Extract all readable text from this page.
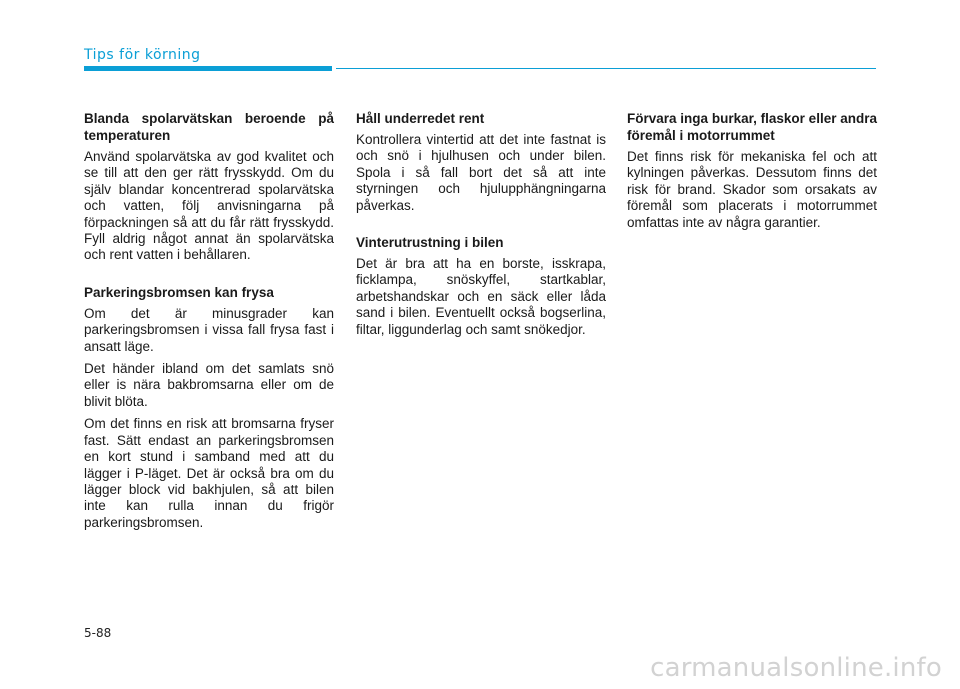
Tips för körning
Blanda spolarvätskan beroende på temperaturen

Använd spolarvätska av god kvalitet och se till att den ger rätt frysskydd. Om du själv blandar koncentrerad spolarvätska och vatten, följ anvisningarna på förpackningen så att du får rätt frysskydd. Fyll aldrig något annat än spolarvätska och rent vatten i behållaren.

Parkeringsbromsen kan frysa

Om det är minusgrader kan parkeringsbromsen i vissa fall frysa fast i ansatt läge.

Det händer ibland om det samlats snö eller is nära bakbromsarna eller om de blivit blöta.

Om det finns en risk att bromsarna fryser fast. Sätt endast an parkeringsbromsen en kort stund i samband med att du lägger i P-läget. Det är också bra om du lägger block vid bakhjulen, så att bilen inte kan rulla innan du frigör parkeringsbromsen.

Håll underredet rent

Kontrollera vintertid att det inte fastnat is och snö i hjulhusen och under bilen. Spola i så fall bort det så att inte styrningen och hjulupphängningarna påverkas.

Vinterutrustning i bilen

Det är bra att ha en borste, isskrapa, ficklampa, snöskyffel, startkablar, arbetshandskar och en säck eller låda sand i bilen. Eventuellt också bogserlina, filtar, liggunderlag och samt snökedjor.

Förvara inga burkar, flaskor eller andra föremål i motorrummet

Det finns risk för mekaniska fel och att kylningen påverkas. Dessutom finns det risk för brand. Skador som orsakats av föremål som placerats i motorrummet omfattas inte av några garantier.

5-88
carmanualsonline.info
